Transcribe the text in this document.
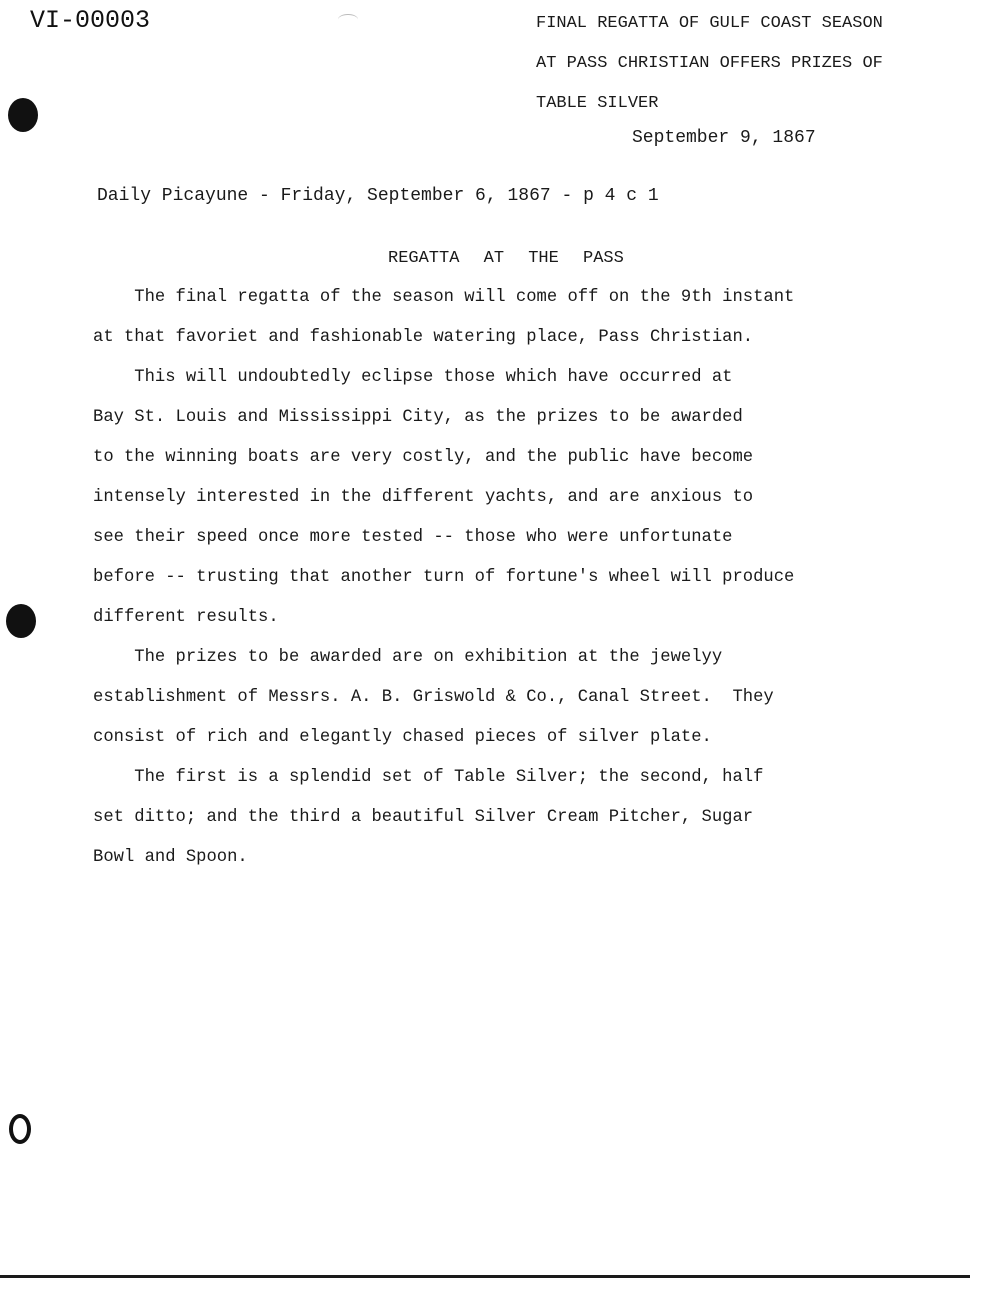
VI-00003	FINAL REGATTA OF GULF COAST SEASON
AT PASS CHRISTIAN OFFERS PRIZES OF
TABLE SILVER
September 9, 1867
Daily Picayune - Friday, September 6, 1867 - p 4 c 1
REGATTA AT THE PASS
The final regatta of the season will come off on the 9th instant
at that favoriet and fashionable watering place, Pass Christian.
This will undoubtedly eclipse those which have occurred at
Bay St. Louis and Mississippi City, as the prizes to be awarded
to the winning boats are very costly, and the public have become
intensely interested in the different yachts, and are anxious to
see their speed once more tested -- those who were unfortunate
before -- trusting that another turn of fortune's wheel will produce
different results.
The prizes to be awarded are on exhibition at the jewelyy
establishment of Messrs. A. B. Griswold & Co., Canal Street.  They
consist of rich and elegantly chased pieces of silver plate.
The first is a splendid set of Table Silver; the second, half
set ditto; and the third a beautiful Silver Cream Pitcher, Sugar
Bowl and Spoon.
